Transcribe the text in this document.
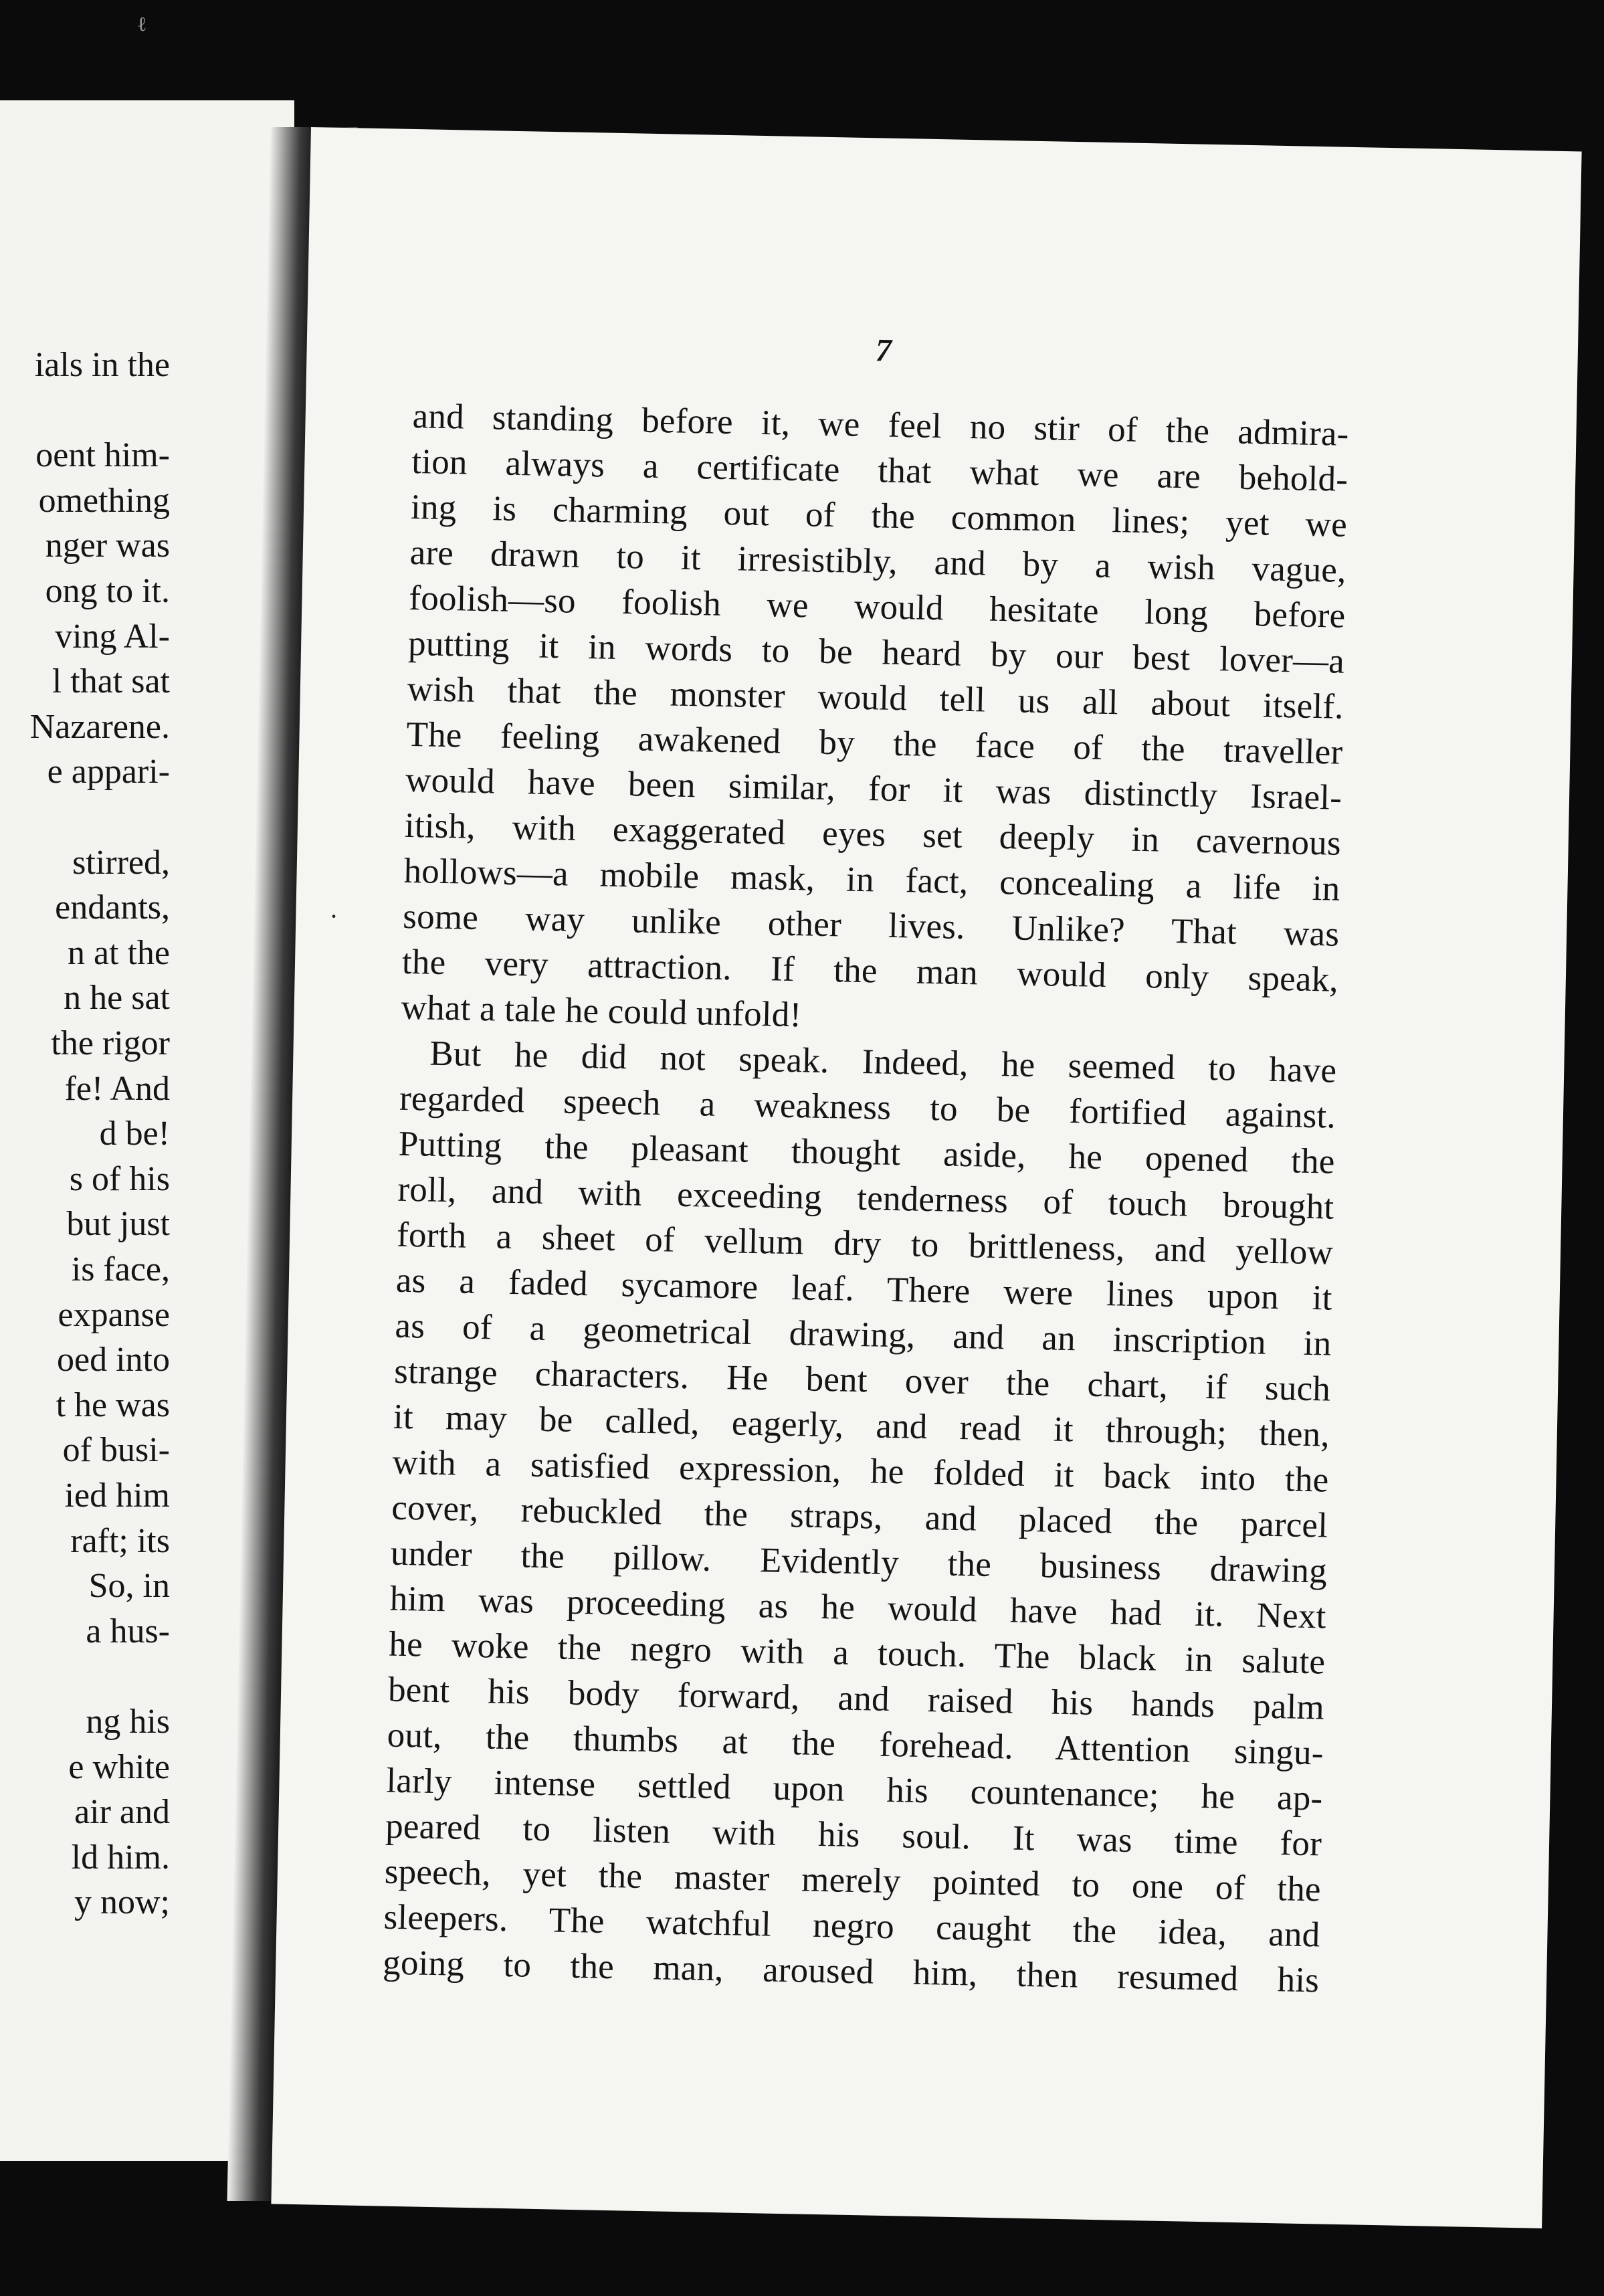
ℓ
ials in the
oent him-
omething
nger was
ong to it.
ving Al-
l that sat
Nazarene.
e appari-
stirred,
endants,
n at the
n he sat
the rigor
fe! And
d be!
s of his
but just
is face,
expanse
oed into
t he was
of busi-
ied him
raft; its
So, in
a hus-
ng his
e white
air and
ld him.
y now;
7
and standing before it, we feel no stir of the admira-
tion always a certificate that what we are behold-
ing is charming out of the common lines; yet we
are drawn to it irresistibly, and by a wish vague,
foolish—so foolish we would hesitate long before
putting it in words to be heard by our best lover—a
wish that the monster would tell us all about itself.
The feeling awakened by the face of the traveller
would have been similar, for it was distinctly Israel-
itish, with exaggerated eyes set deeply in cavernous
hollows—a mobile mask, in fact, concealing a life in
some way unlike other lives. Unlike? That was
the very attraction. If the man would only speak,
what a tale he could unfold!
But he did not speak. Indeed, he seemed to have
regarded speech a weakness to be fortified against.
Putting the pleasant thought aside, he opened the
roll, and with exceeding tenderness of touch brought
forth a sheet of vellum dry to brittleness, and yellow
as a faded sycamore leaf. There were lines upon it
as of a geometrical drawing, and an inscription in
strange characters. He bent over the chart, if such
it may be called, eagerly, and read it through; then,
with a satisfied expression, he folded it back into the
cover, rebuckled the straps, and placed the parcel
under the pillow. Evidently the business drawing
him was proceeding as he would have had it. Next
he woke the negro with a touch. The black in salute
bent his body forward, and raised his hands palm
out, the thumbs at the forehead. Attention singu-
larly intense settled upon his countenance; he ap-
peared to listen with his soul. It was time for
speech, yet the master merely pointed to one of the
sleepers. The watchful negro caught the idea, and
going to the man, aroused him, then resumed his
·
